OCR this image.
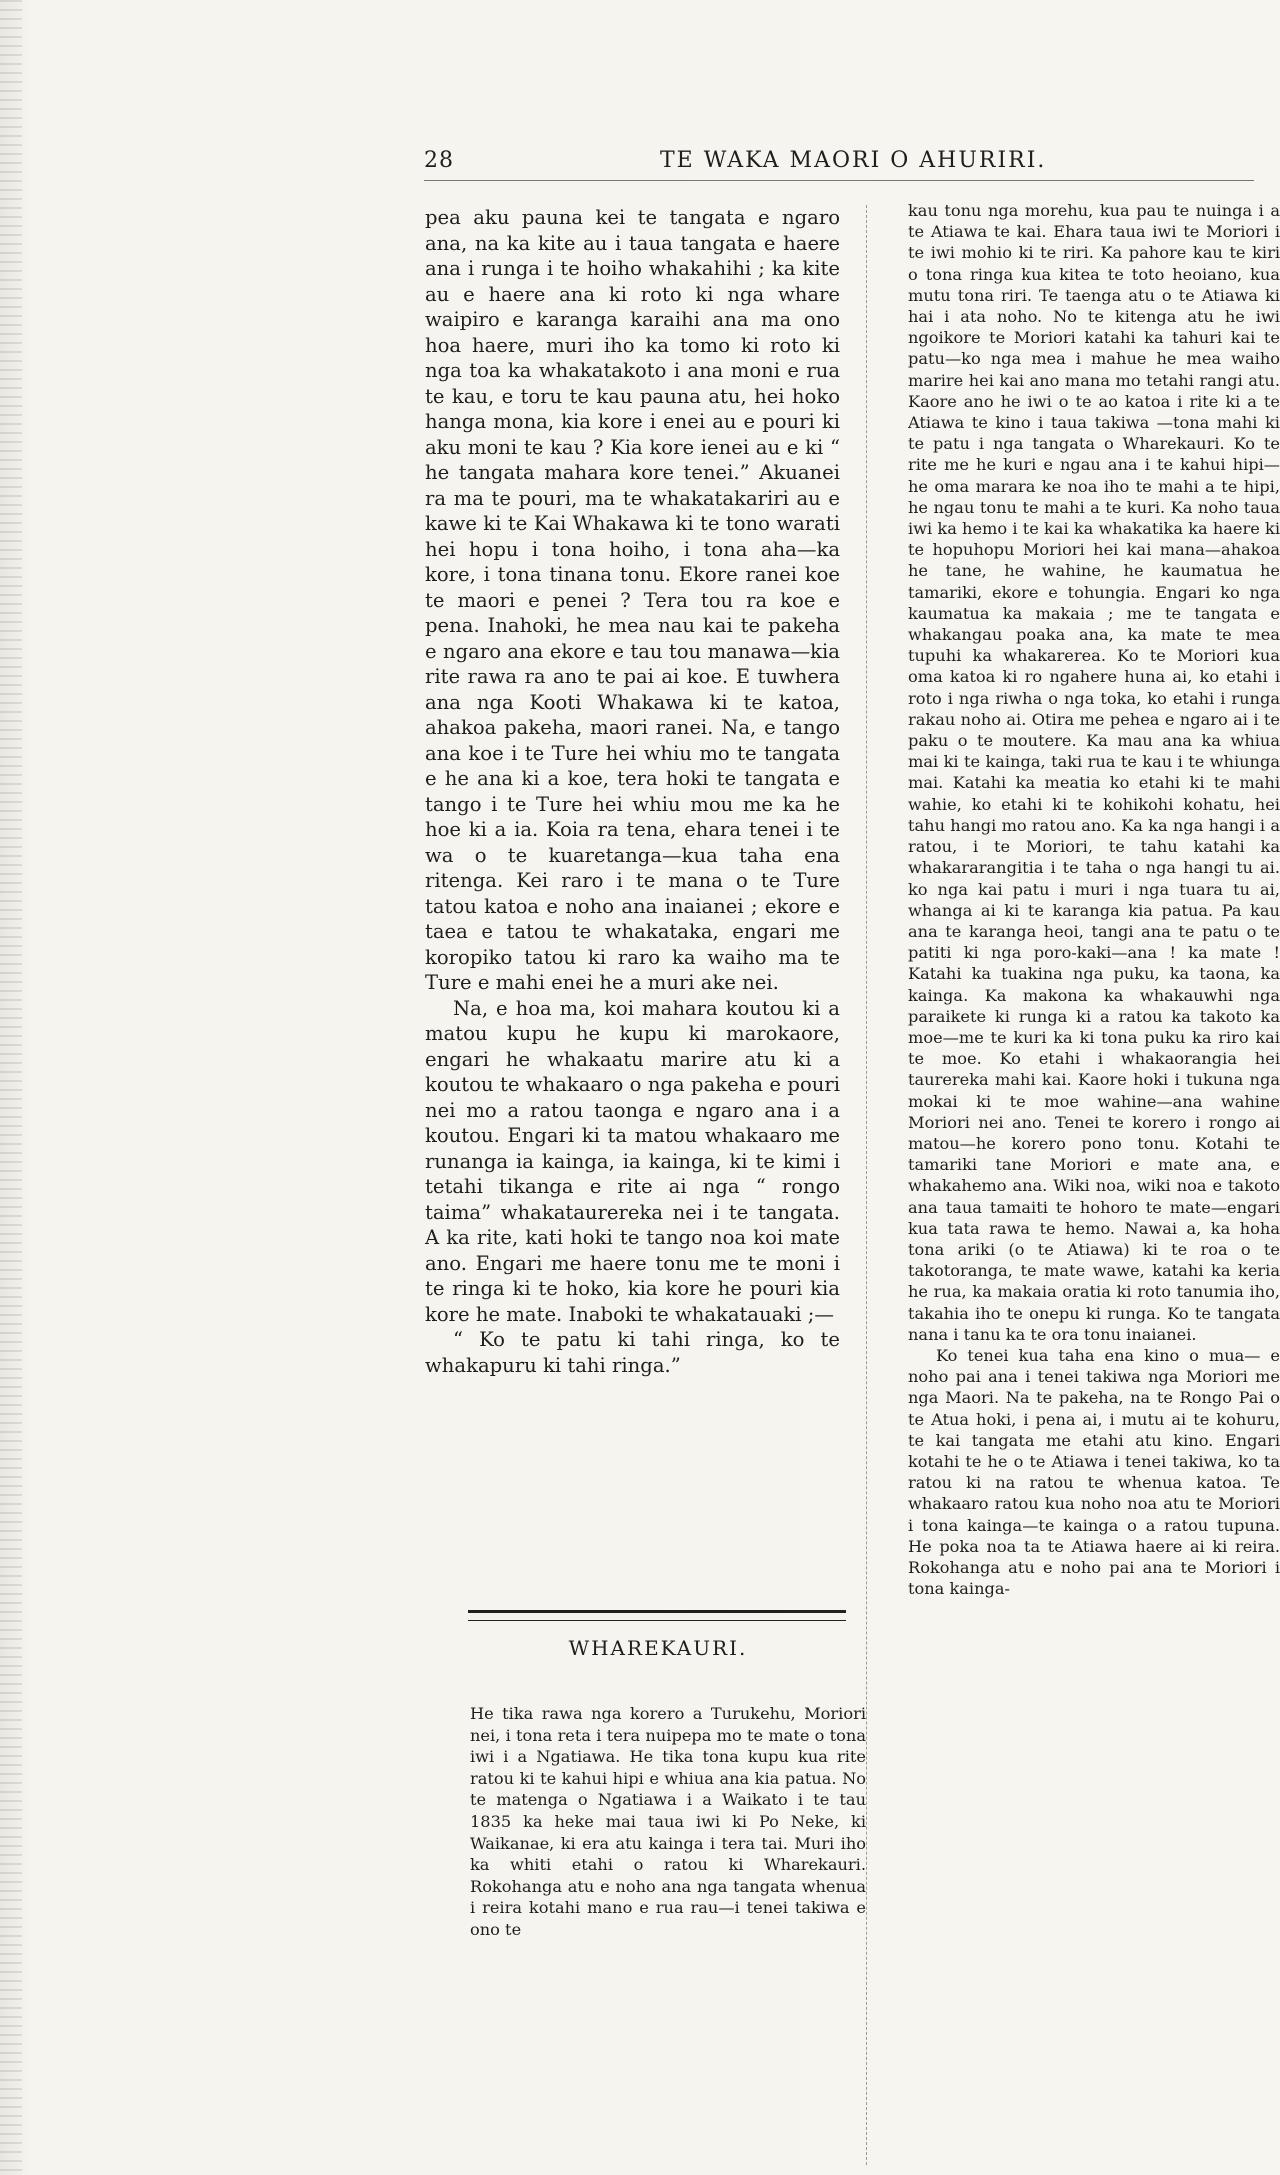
28	TE WAKA MAORI O AHURIRI.

pea aku pauna kei te tangata e ngaro ana, na ka kite au i taua tangata e haere ana i runga i te hoiho whakahihi ; ka kite au e haere ana ki roto ki nga whare waipiro e karanga karaihi ana ma ono hoa haere, muri iho ka tomo ki roto ki nga toa ka whakatakoto i ana moni e rua te kau, e toru te kau pauna atu, hei hoko hanga mona, kia kore i enei au e pouri ki aku moni te kau ? Kia kore ienei au e ki “ he tangata mahara kore tenei.” Akuanei ra ma te pouri, ma te whakatakariri au e kawe ki te Kai Whakawa ki te tono warati hei hopu i tona hoiho, i tona aha—ka kore, i tona tinana tonu. Ekore ranei koe te maori e penei ? Tera tou ra koe e pena. Inahoki, he mea nau kai te pakeha e ngaro ana ekore e tau tou manawa—kia rite rawa ra ano te pai ai koe. E tuwhera ana nga Kooti Whakawa ki te katoa, ahakoa pakeha, maori ranei. Na, e tango ana koe i te Ture hei whiu mo te tangata e he ana ki a koe, tera hoki te tangata e tango i te Ture hei whiu mou me ka he hoe ki a ia. Koia ra tena, ehara tenei i te wa o te kuaretanga—kua taha ena ritenga. Kei raro i te mana o te Ture tatou katoa e noho ana inaianei ; ekore e taea e tatou te whakataka, engari me koropiko tatou ki raro ka waiho ma te Ture e mahi enei he a muri ake nei.

Na, e hoa ma, koi mahara koutou ki a matou kupu he kupu ki marokaore, engari he whakaatu marire atu ki a koutou te whakaaro o nga pakeha e pouri nei mo a ratou taonga e ngaro ana i a koutou. Engari ki ta matou whakaaro me runanga ia kainga, ia kainga, ki te kimi i tetahi tikanga e rite ai nga “ rongo taima” whakataurereka nei i te tangata. A ka rite, kati hoki te tango noa koi mate ano. Engari me haere tonu me te moni i te ringa ki te hoko, kia kore he pouri kia kore he mate. Inaboki te whakatauaki ;—

“ Ko te patu ki tahi ringa, ko te whakapuru ki tahi ringa.”

WHAREKAURI.

He tika rawa nga korero a Turukehu, Moriori nei, i tona reta i tera nuipepa mo te mate o tona iwi i a Ngatiawa. He tika tona kupu kua rite ratou ki te kahui hipi e whiua ana kia patua. No te matenga o Ngatiawa i a Waikato i te tau 1835 ka heke mai taua iwi ki Po Neke, ki Waikanae, ki era atu kainga i tera tai. Muri iho ka whiti etahi o ratou ki Wharekauri. Rokohanga atu e noho ana nga tangata whenua i reira kotahi mano e rua rau—i tenei takiwa e ono te

kau tonu nga morehu, kua pau te nuinga i a te Atiawa te kai. Ehara taua iwi te Moriori i te iwi mohio ki te riri. Ka pahore kau te kiri o tona ringa kua kitea te toto heoiano, kua mutu tona riri. Te taenga atu o te Atiawa ki hai i ata noho. No te kitenga atu he iwi ngoikore te Moriori katahi ka tahuri kai te patu—ko nga mea i mahue he mea waiho marire hei kai ano mana mo tetahi rangi atu. Kaore ano he iwi o te ao katoa i rite ki a te Atiawa te kino i taua takiwa —tona mahi ki te patu i nga tangata o Wharekauri. Ko te rite me he kuri e ngau ana i te kahui hipi—he oma marara ke noa iho te mahi a te hipi, he ngau tonu te mahi a te kuri. Ka noho taua iwi ka hemo i te kai ka whakatika ka haere ki te hopuhopu Moriori hei kai mana—ahakoa he tane, he wahine, he kaumatua he tamariki, ekore e tohungia. Engari ko nga kaumatua ka makaia ; me te tangata e whakangau poaka ana, ka mate te mea tupuhi ka whakarerea. Ko te Moriori kua oma katoa ki ro ngahere huna ai, ko etahi i roto i nga riwha o nga toka, ko etahi i runga rakau noho ai. Otira me pehea e ngaro ai i te paku o te moutere. Ka mau ana ka whiua mai ki te kainga, taki rua te kau i te whiunga mai. Katahi ka meatia ko etahi ki te mahi wahie, ko etahi ki te kohikohi kohatu, hei tahu hangi mo ratou ano. Ka ka nga hangi i a ratou, i te Moriori, te tahu katahi ka whakararangitia i te taha o nga hangi tu ai. ko nga kai patu i muri i nga tuara tu ai, whanga ai ki te karanga kia patua. Pa kau ana te karanga heoi, tangi ana te patu o te patiti ki nga poro-kaki—ana ! ka mate ! Katahi ka tuakina nga puku, ka taona, ka kainga. Ka makona ka whakauwhi nga paraikete ki runga ki a ratou ka takoto ka moe—me te kuri ka ki tona puku ka riro kai te moe. Ko etahi i whakaorangia hei taurereka mahi kai. Kaore hoki i tukuna nga mokai ki te moe wahine—ana wahine Moriori nei ano. Tenei te korero i rongo ai matou—he korero pono tonu. Kotahi te tamariki tane Moriori e mate ana, e whakahemo ana. Wiki noa, wiki noa e takoto ana taua tamaiti te hohoro te mate—engari kua tata rawa te hemo. Nawai a, ka hoha tona ariki (o te Atiawa) ki te roa o te takotoranga, te mate wawe, katahi ka keria he rua, ka makaia oratia ki roto tanumia iho, takahia iho te onepu ki runga. Ko te tangata nana i tanu ka te ora tonu inaianei.

Ko tenei kua taha ena kino o mua— e noho pai ana i tenei takiwa nga Moriori me nga Maori. Na te pakeha, na te Rongo Pai o te Atua hoki, i pena ai, i mutu ai te kohuru, te kai tangata me etahi atu kino. Engari kotahi te he o te Atiawa i tenei takiwa, ko ta ratou ki na ratou te whenua katoa. Te whakaaro ratou kua noho noa atu te Moriori i tona kainga—te kainga o a ratou tupuna. He poka noa ta te Atiawa haere ai ki reira. Rokohanga atu e noho pai ana te Moriori i tona kainga-
